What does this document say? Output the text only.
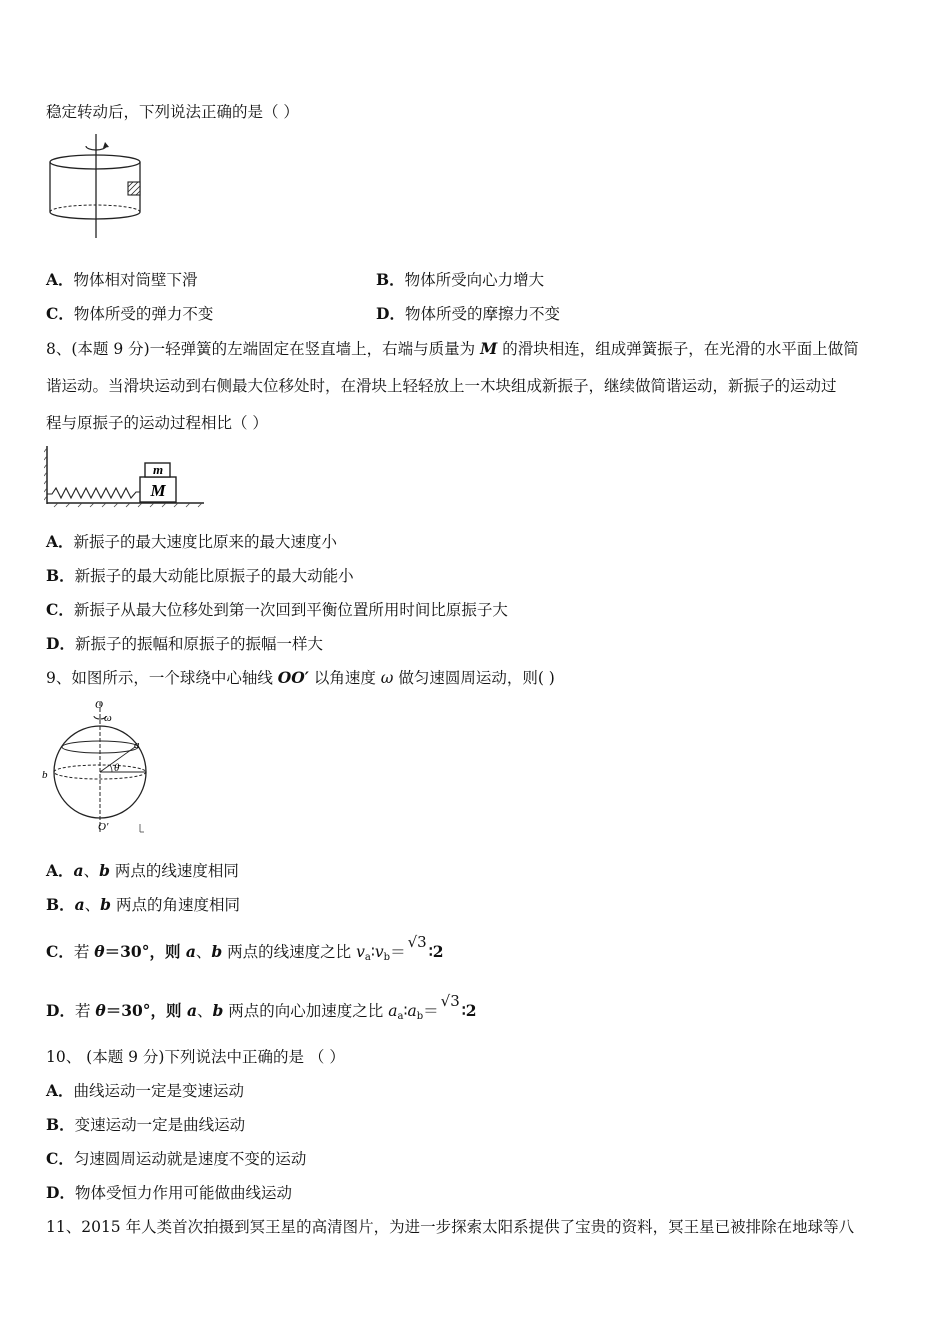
稳定转动后，下列说法正确的是（ ）
A．物体相对筒壁下滑	B．物体所受向心力增大
C．物体所受的弹力不变	D．物体所受的摩擦力不变
8、(本题 9 分)一轻弹簧的左端固定在竖直墙上，右端与质量为 M 的滑块相连，组成弹簧振子，在光滑的水平面上做简
谐运动。当滑块运动到右侧最大位移处时，在滑块上轻轻放上一木块组成新振子，继续做简谐运动，新振子的运动过
程与原振子的运动过程相比（ ）
m
M
A．新振子的最大速度比原来的最大速度小
B．新振子的最大动能比原振子的最大动能小
C．新振子从最大位移处到第一次回到平衡位置所用时间比原振子大
D．新振子的振幅和原振子的振幅一样大
9、如图所示，一个球绕中心轴线 OO′ 以角速度 ω 做匀速圆周运动，则( )
O
ω
θ
a
b
O′
A．a、b 两点的线速度相同
B．a、b 两点的角速度相同
C．若 θ＝30°，则 a、b 两点的线速度之比 va∶vb＝√3 ∶2
D．若 θ＝30°，则 a、b 两点的向心加速度之比 aa∶ab＝√3 ∶2
10、 (本题 9 分)下列说法中正确的是 （ ）
A．曲线运动一定是变速运动
B．变速运动一定是曲线运动
C．匀速圆周运动就是速度不变的运动
D．物体受恒力作用可能做曲线运动
11、2015 年人类首次拍摄到冥王星的高清图片，为进一步探索太阳系提供了宝贵的资料，冥王星已被排除在地球等八
